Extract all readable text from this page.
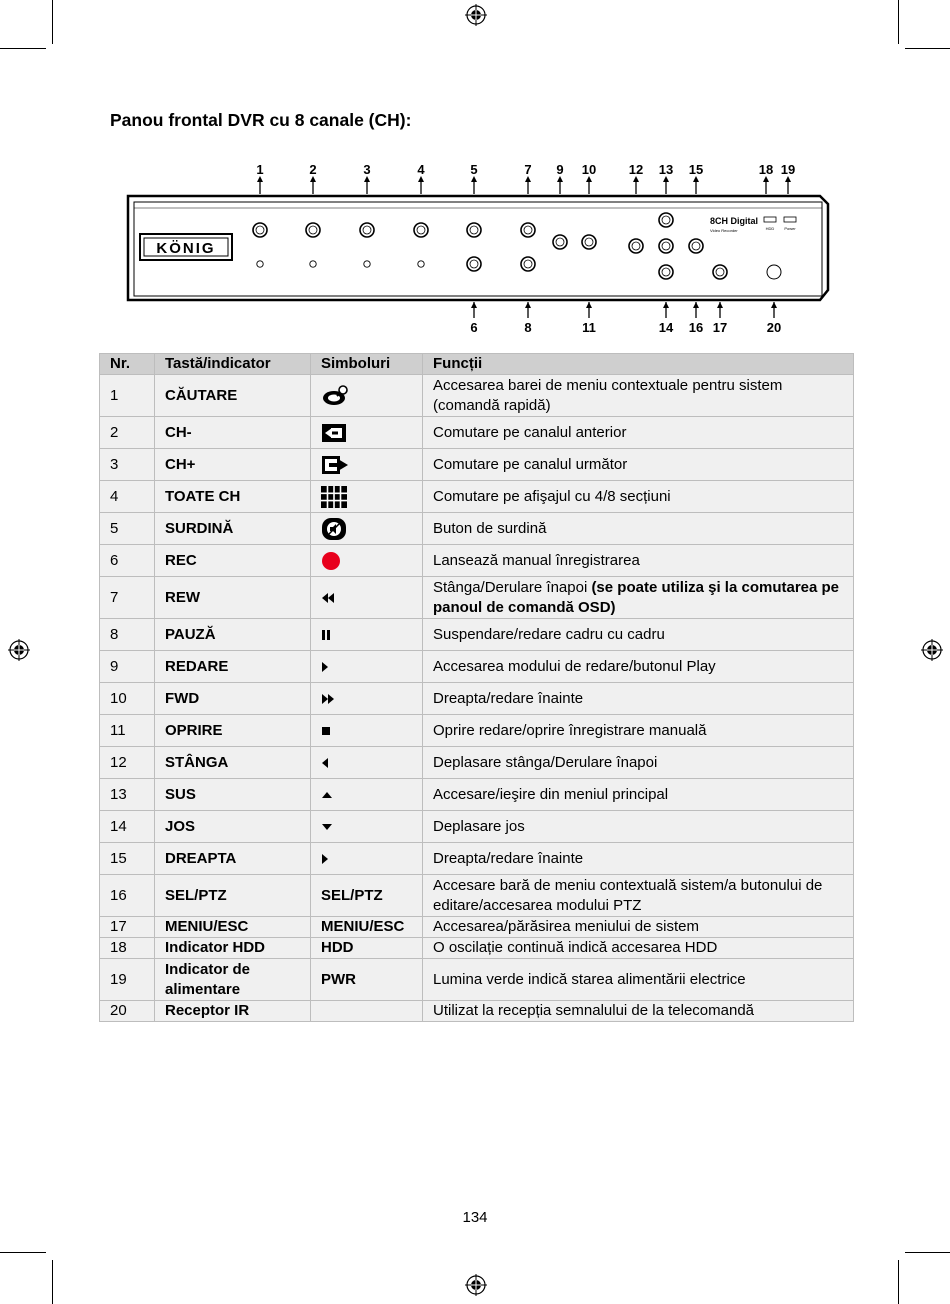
Panou frontal DVR cu 8 canale (CH):
KÖNIG
8CH Digital
Video Recorder	HDD Power
1	2	3	4	5	7 9 10	12 13 15	18 19
6	8	11	14 16 17	20
Nr.	Tastă/indicator	Simboluri	Funcții
1	CĂUTARE		Accesarea barei de meniu contextuale pentru sistem (comandă rapidă)
2	CH-		Comutare pe canalul anterior
3	CH+		Comutare pe canalul următor
4	TOATE CH		Comutare pe afişajul cu 4/8 secțiuni
5	SURDINĂ		Buton de surdină
6	REC		Lansează manual înregistrarea
7	REW		Stânga/Derulare înapoi (se poate utiliza şi la comutarea pe panoul de comandă OSD)
8	PAUZĂ		Suspendare/redare cadru cu cadru
9	REDARE		Accesarea modului de redare/butonul Play
10	FWD		Dreapta/redare înainte
11	OPRIRE		Oprire redare/oprire înregistrare manuală
12	STÂNGA		Deplasare stânga/Derulare înapoi
13	SUS		Accesare/ieşire din meniul principal
14	JOS		Deplasare jos
15	DREAPTA		Dreapta/redare înainte
16	SEL/PTZ	SEL/PTZ	Accesare bară de meniu contextuală sistem/a butonului de editare/accesarea modului PTZ
17	MENIU/ESC	MENIU/ESC	Accesarea/părăsirea meniului de sistem
18	Indicator HDD	HDD	O oscilație continuă indică accesarea HDD
19	Indicator de alimentare	PWR	Lumina verde indică starea alimentării electrice
20	Receptor IR		Utilizat la recepția semnalului de la telecomandă
134
